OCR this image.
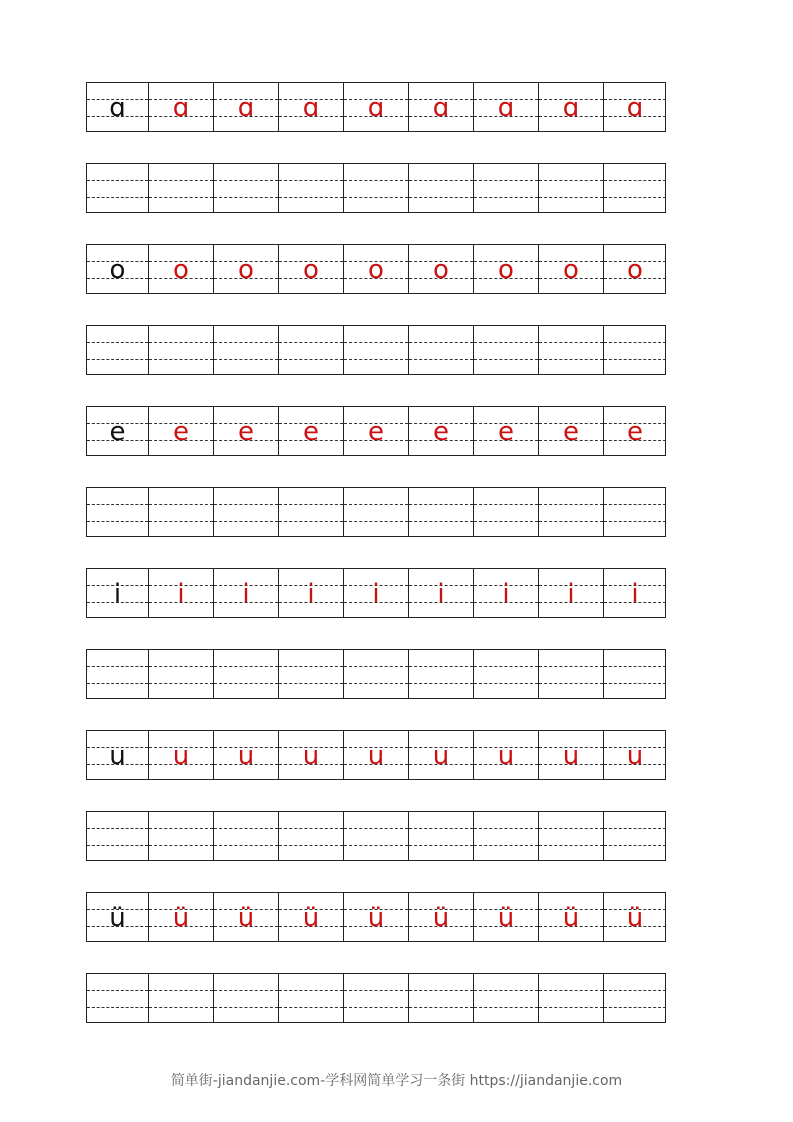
ɑ	ɑ	ɑ	ɑ	ɑ	ɑ	ɑ	ɑ	ɑ
o	o	o	o	o	o	o	o	o
e	e	e	e	e	e	e	e	e
i	i	i	i	i	i	i	i	i
u	u	u	u	u	u	u	u	u
ü	ü	ü	ü	ü	ü	ü	ü	ü
简单街-jiandanjie.com-学科网简单学习一条街 https://jiandanjie.com
